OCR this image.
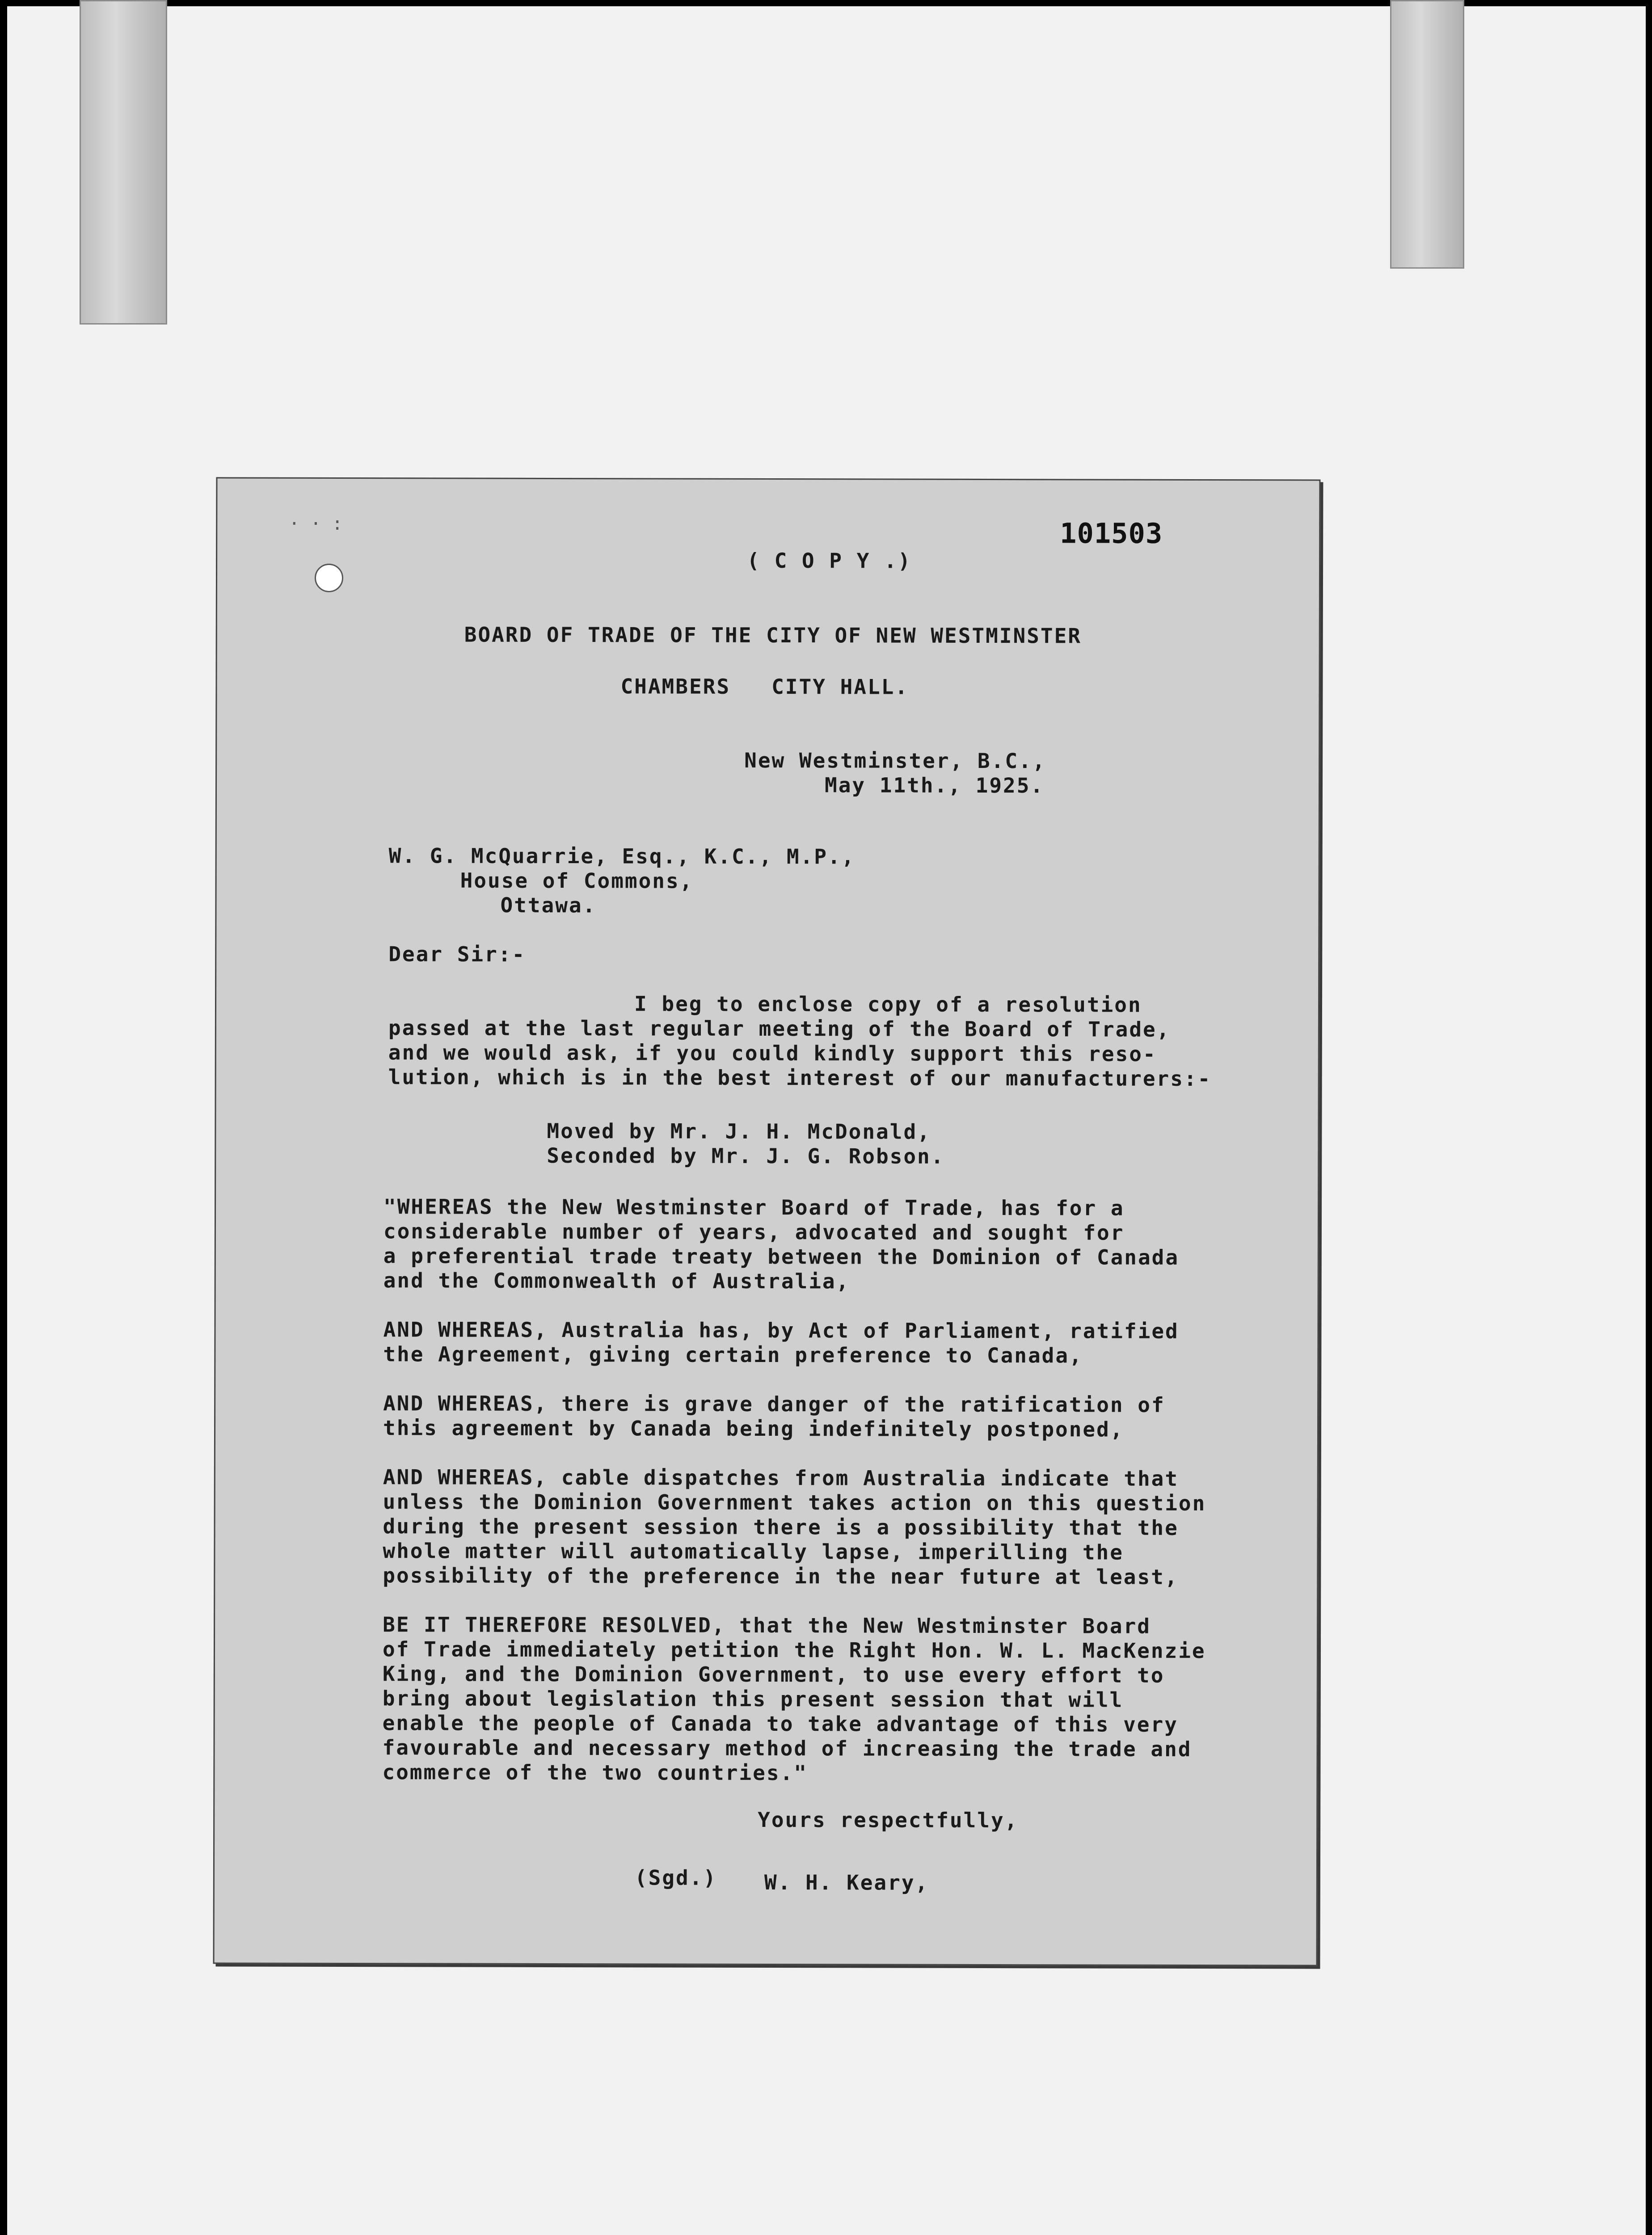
· · :	101503
( C O P Y .)
BOARD OF TRADE OF THE CITY OF NEW WESTMINSTER
CHAMBERS   CITY HALL.
New Westminster, B.C.,
May 11th., 1925.
W. G. McQuarrie, Esq., K.C., M.P.,
House of Commons,
Ottawa.
Dear Sir:-
I beg to enclose copy of a resolution
passed at the last regular meeting of the Board of Trade,
and we would ask, if you could kindly support this reso-
lution, which is in the best interest of our manufacturers:-
Moved by Mr. J. H. McDonald,
Seconded by Mr. J. G. Robson.
"WHEREAS the New Westminster Board of Trade, has for a
considerable number of years, advocated and sought for
a preferential trade treaty between the Dominion of Canada
and the Commonwealth of Australia,
AND WHEREAS, Australia has, by Act of Parliament, ratified
the Agreement, giving certain preference to Canada,
AND WHEREAS, there is grave danger of the ratification of
this agreement by Canada being indefinitely postponed,
AND WHEREAS, cable dispatches from Australia indicate that
unless the Dominion Government takes action on this question
during the present session there is a possibility that the
whole matter will automatically lapse, imperilling the
possibility of the preference in the near future at least,
BE IT THEREFORE RESOLVED, that the New Westminster Board
of Trade immediately petition the Right Hon. W. L. MacKenzie
King, and the Dominion Government, to use every effort to
bring about legislation this present session that will
enable the people of Canada to take advantage of this very
favourable and necessary method of increasing the trade and
commerce of the two countries."
Yours respectfully,
(Sgd.) W. H. Keary,
